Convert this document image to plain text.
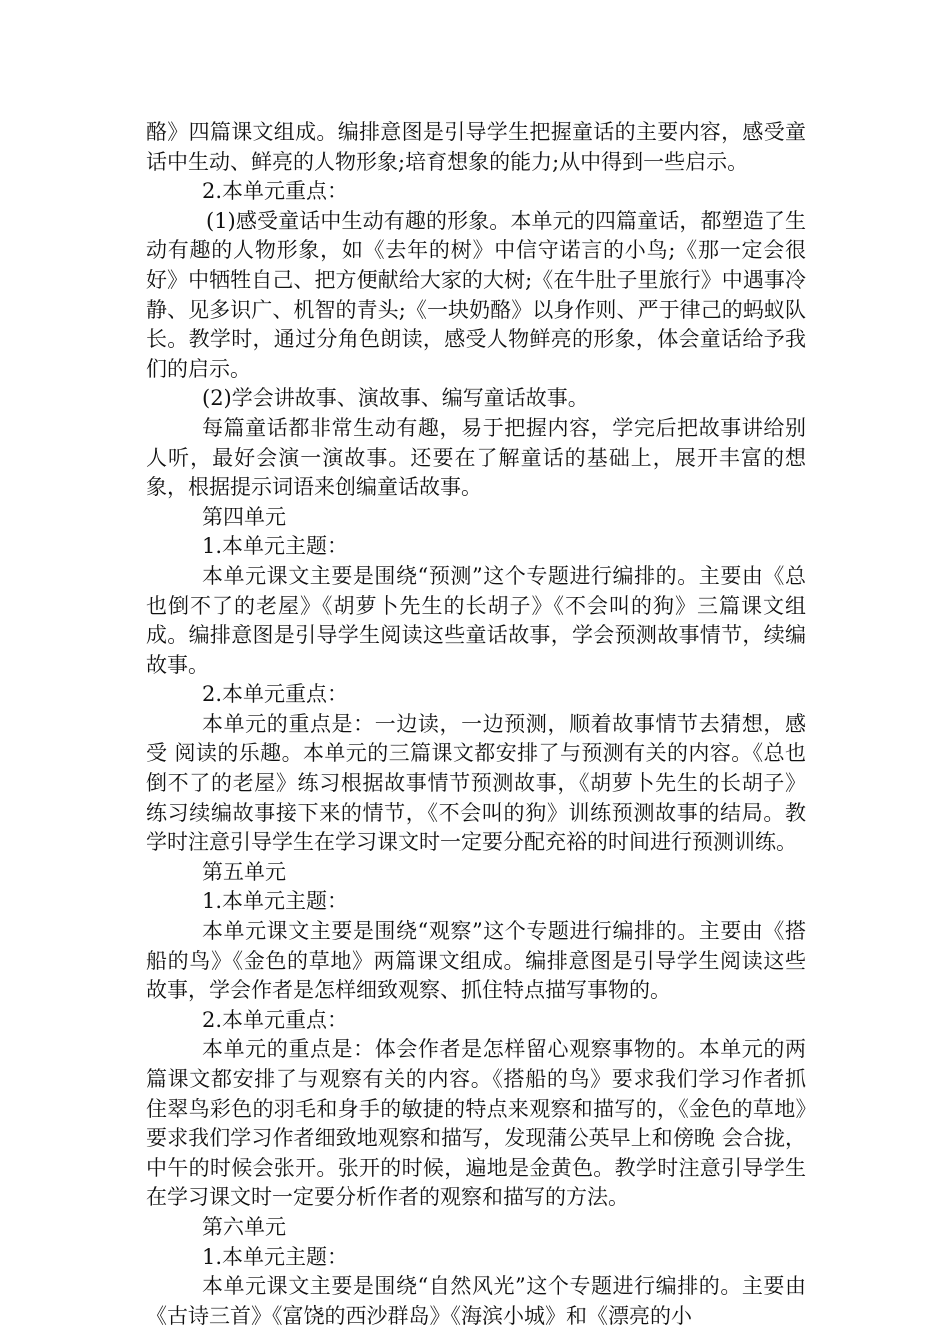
酪》四篇课文组成。编排意图是引导学生把握童话的主要内容，感受童话中生动、鲜亮的人物形象;培育想象的能力;从中得到一些启示。

2.本单元重点：

(1)感受童话中生动有趣的形象。本单元的四篇童话，都塑造了生动有趣的人物形象，如《去年的树》中信守诺言的小鸟;《那一定会很好》中牺牲自己、把方便献给大家的大树;《在牛肚子里旅行》中遇事冷静、见多识广、机智的青头;《一块奶酪》以身作则、严于律己的蚂蚁队长。教学时，通过分角色朗读，感受人物鲜亮的形象，体会童话给予我们的启示。

(2)学会讲故事、演故事、编写童话故事。

每篇童话都非常生动有趣，易于把握内容，学完后把故事讲给别人听，最好会演一演故事。还要在了解童话的基础上，展开丰富的想象，根据提示词语来创编童话故事。

第四单元

1.本单元主题：

本单元课文主要是围绕“预测”这个专题进行编排的。主要由《总也倒不了的老屋》《胡萝卜先生的长胡子》《不会叫的狗》三篇课文组成。编排意图是引导学生阅读这些童话故事，学会预测故事情节，续编故事。

2.本单元重点：

本单元的重点是：一边读，一边预测，顺着故事情节去猜想，感受 阅读的乐趣。本单元的三篇课文都安排了与预测有关的内容。《总也倒不了的老屋》练习根据故事情节预测故事，《胡萝卜先生的长胡子》练习续编故事接下来的情节，《不会叫的狗》训练预测故事的结局。教学时注意引导学生在学习课文时一定要分配充裕的时间进行预测训练。

第五单元

1.本单元主题：

本单元课文主要是围绕“观察”这个专题进行编排的。主要由《搭船的鸟》《金色的草地》两篇课文组成。编排意图是引导学生阅读这些故事，学会作者是怎样细致观察、抓住特点描写事物的。

2.本单元重点：

本单元的重点是：体会作者是怎样留心观察事物的。本单元的两篇课文都安排了与观察有关的内容。《搭船的鸟》要求我们学习作者抓住翠鸟彩色的羽毛和身手的敏捷的特点来观察和描写的，《金色的草地》要求我们学习作者细致地观察和描写，发现蒲公英早上和傍晚 会合拢，中午的时候会张开。张开的时候，遍地是金黄色。教学时注意引导学生在学习课文时一定要分析作者的观察和描写的方法。

第六单元

1.本单元主题：

本单元课文主要是围绕“自然风光”这个专题进行编排的。主要由《古诗三首》《富饶的西沙群岛》《海滨小城》和《漂亮的小
